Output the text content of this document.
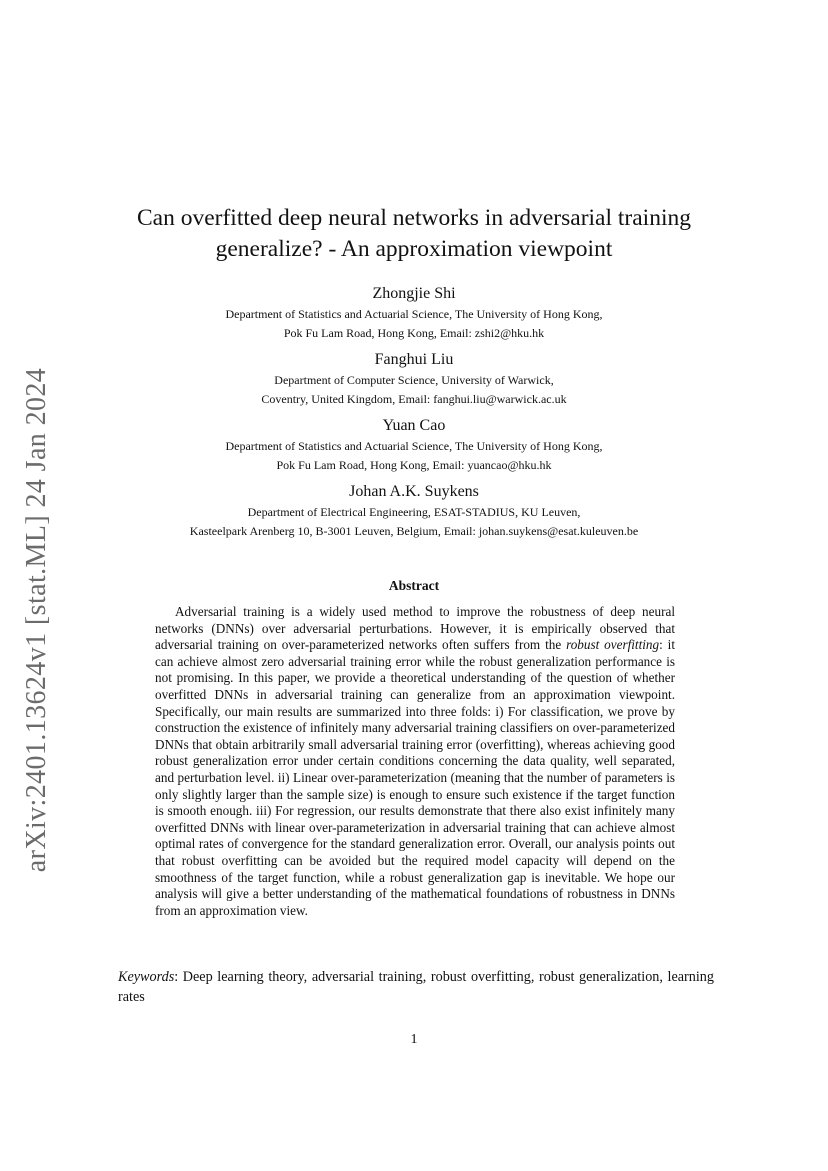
arXiv:2401.13624v1 [stat.ML] 24 Jan 2024
Can overfitted deep neural networks in adversarial training
generalize? - An approximation viewpoint
Zhongjie Shi
Department of Statistics and Actuarial Science, The University of Hong Kong,
Pok Fu Lam Road, Hong Kong, Email: zshi2@hku.hk
Fanghui Liu
Department of Computer Science, University of Warwick,
Coventry, United Kingdom, Email: fanghui.liu@warwick.ac.uk
Yuan Cao
Department of Statistics and Actuarial Science, The University of Hong Kong,
Pok Fu Lam Road, Hong Kong, Email: yuancao@hku.hk
Johan A.K. Suykens
Department of Electrical Engineering, ESAT-STADIUS, KU Leuven,
Kasteelpark Arenberg 10, B-3001 Leuven, Belgium, Email: johan.suykens@esat.kuleuven.be
Abstract
Adversarial training is a widely used method to improve the robustness of deep neural networks (DNNs) over adversarial perturbations. However, it is empirically observed that adversarial training on over-parameterized networks often suffers from the robust overfitting: it can achieve almost zero adversarial training error while the robust generalization performance is not promising. In this paper, we provide a theoretical understanding of the question of whether overfitted DNNs in adversarial training can generalize from an approximation viewpoint. Specifically, our main results are summarized into three folds: i) For classification, we prove by construction the existence of infinitely many adversarial training classifiers on over-parameterized DNNs that obtain arbitrarily small adversarial training error (overfitting), whereas achieving good robust generalization error under certain conditions concerning the data quality, well separated, and perturbation level. ii) Linear over-parameterization (meaning that the number of parameters is only slightly larger than the sample size) is enough to ensure such existence if the target function is smooth enough. iii) For regression, our results demonstrate that there also exist infinitely many overfitted DNNs with linear over-parameterization in adversarial training that can achieve almost optimal rates of convergence for the standard generalization error. Overall, our analysis points out that robust overfitting can be avoided but the required model capacity will depend on the smoothness of the target function, while a robust generalization gap is inevitable. We hope our analysis will give a better understanding of the mathematical foundations of robustness in DNNs from an approximation view.
Keywords: Deep learning theory, adversarial training, robust overfitting, robust generalization, learning rates
1
